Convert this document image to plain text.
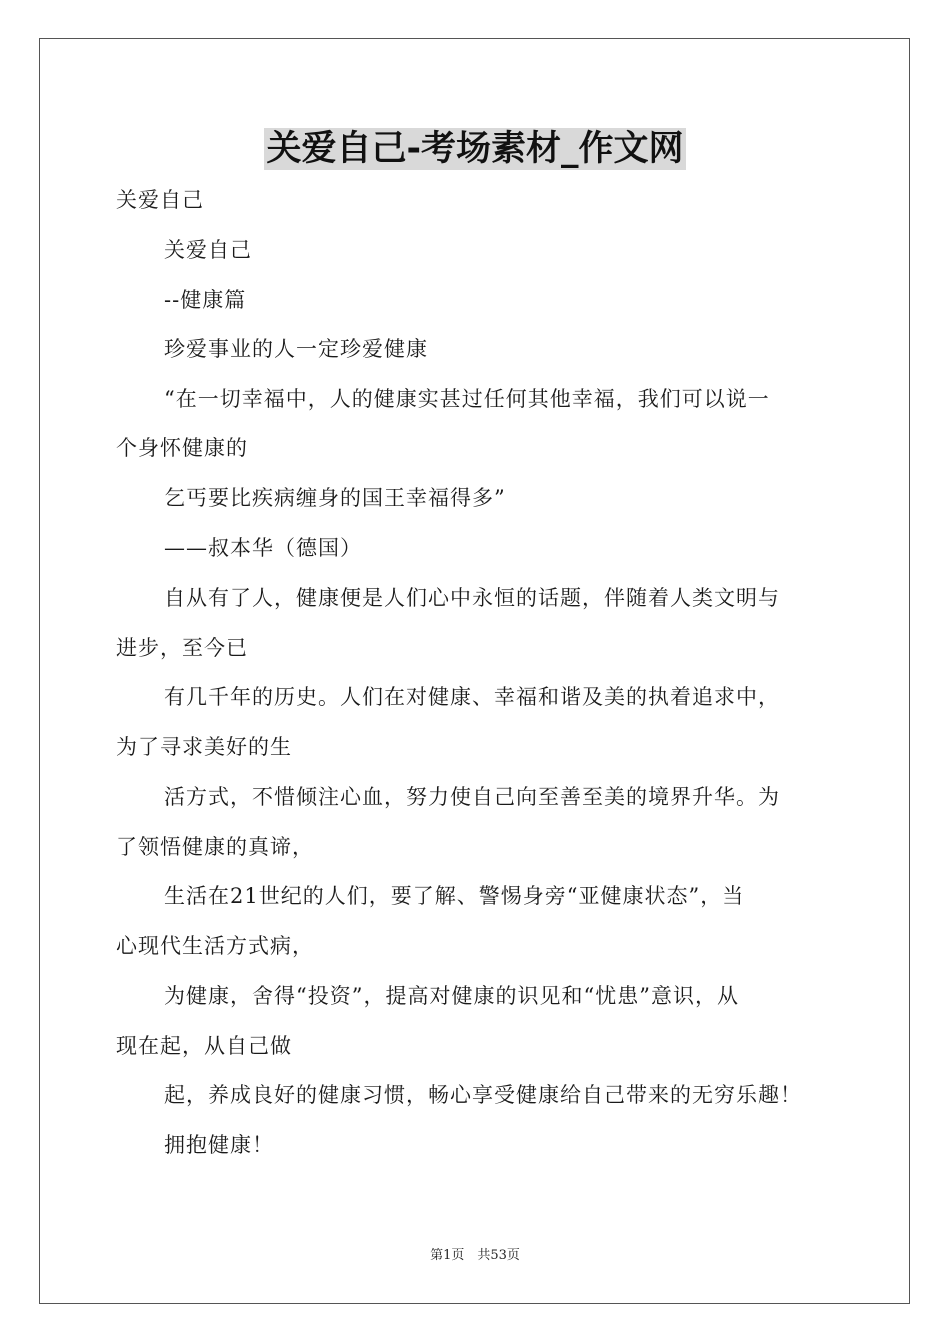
关爱自己-考场素材_作文网
关爱自己
关爱自己
--健康篇
珍爱事业的人一定珍爱健康
“在一切幸福中，人的健康实甚过任何其他幸福，我们可以说一
个身怀健康的
乞丐要比疾病缠身的国王幸福得多”
——叔本华（德国）
自从有了人，健康便是人们心中永恒的话题，伴随着人类文明与
进步，至今已
有几千年的历史。人们在对健康、幸福和谐及美的执着追求中，
为了寻求美好的生
活方式，不惜倾注心血，努力使自己向至善至美的境界升华。为
了领悟健康的真谛，
生活在21世纪的人们，要了解、警惕身旁“亚健康状态”，当
心现代生活方式病，
为健康，舍得“投资”，提高对健康的识见和“忧患”意识，从
现在起，从自己做
起，养成良好的健康习惯，畅心享受健康给自己带来的无穷乐趣！
拥抱健康！
第1页　共53页
